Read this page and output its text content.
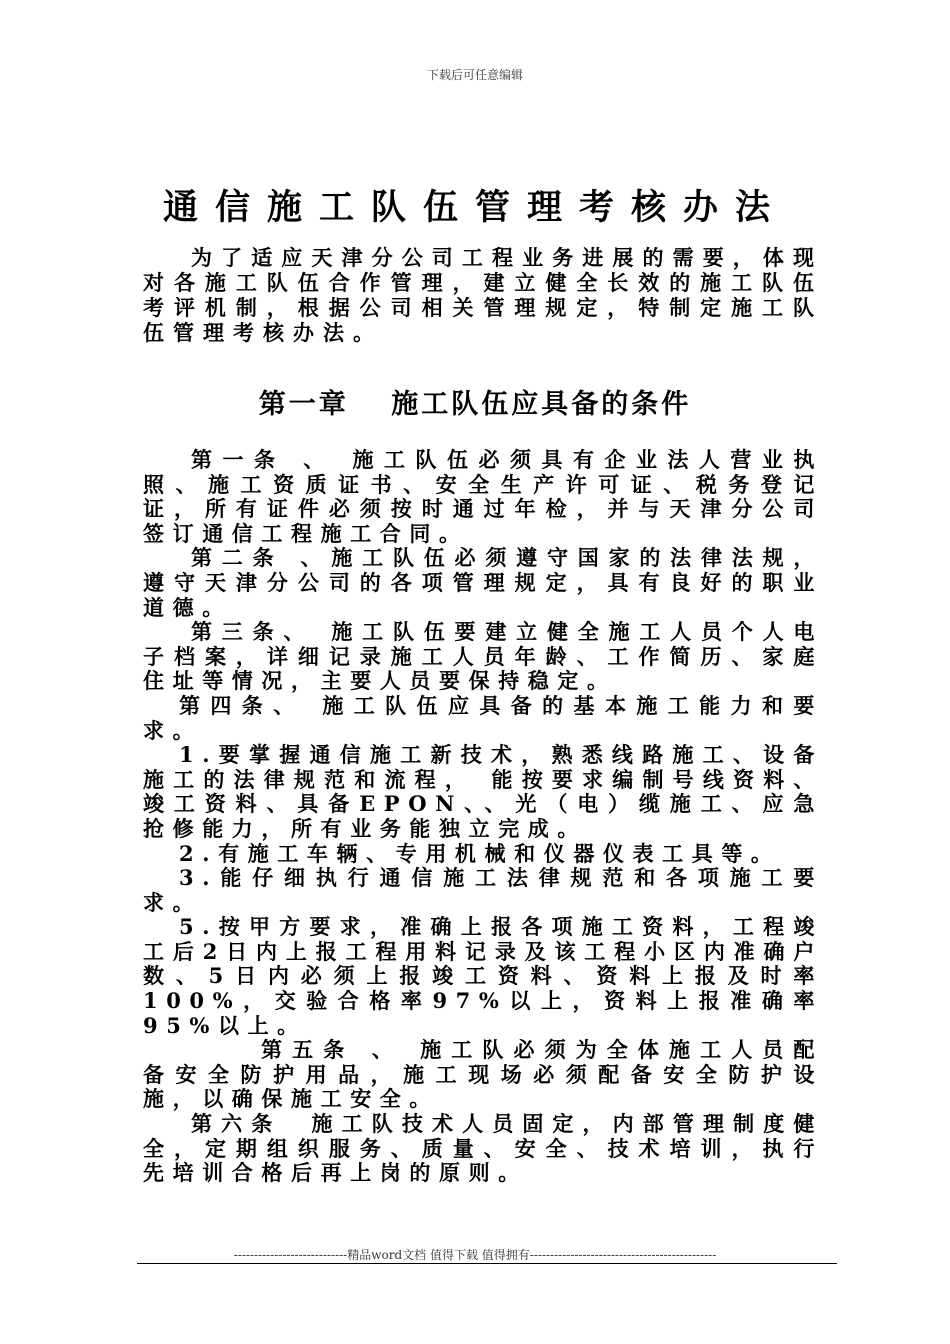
下载后可任意编辑
通信施工队伍管理考核办法

为了适应天津分公司工程业务进展的需要，体现对各施工队伍合作管理，建立健全长效的施工队伍考评机制，根据公司相关管理规定，特制定施工队伍管理考核办法。

第一章　 施工队伍应具备的条件

第一条 、 施工队伍必须具有企业法人营业执照、施工资质证书、安全生产许可证、税务登记证，所有证件必须按时通过年检，并与天津分公司签订通信工程施工合同。

第二条 、施工队伍必须遵守国家的法律法规，遵守天津分公司的各项管理规定，具有良好的职业道德。

第三条、 施工队伍要建立健全施工人员个人电子档案，详细记录施工人员年龄、工作简历、家庭住址等情况，主要人员要保持稳定。

第四条、 施工队伍应具备的基本施工能力和要求。

1.要掌握通信施工新技术，熟悉线路施工、设备施工的法律规范和流程， 能按要求编制号线资料、竣工资料、具备EPON、、光（电）缆施工、应急抢修能力，所有业务能独立完成。

2.有施工车辆、专用机械和仪器仪表工具等。

3.能仔细执行通信施工法律规范和各项施工要求。

5.按甲方要求，准确上报各项施工资料，工程竣工后2日内上报工程用料记录及该工程小区内准确户数、5日内必须上报竣工资料、资料上报及时率100%，交验合格率97%以上，资料上报准确率95%以上。

第五条 、 施工队必须为全体施工人员配备安全防护用品，施工现场必须配备安全防护设施，以确保施工安全。

第六条　施工队技术人员固定，内部管理制度健全，定期组织服务、质量、安全、技术培训，执行先培训合格后再上岗的原则。

----------------------------精品word文档 值得下载 值得拥有----------------------------------------------
